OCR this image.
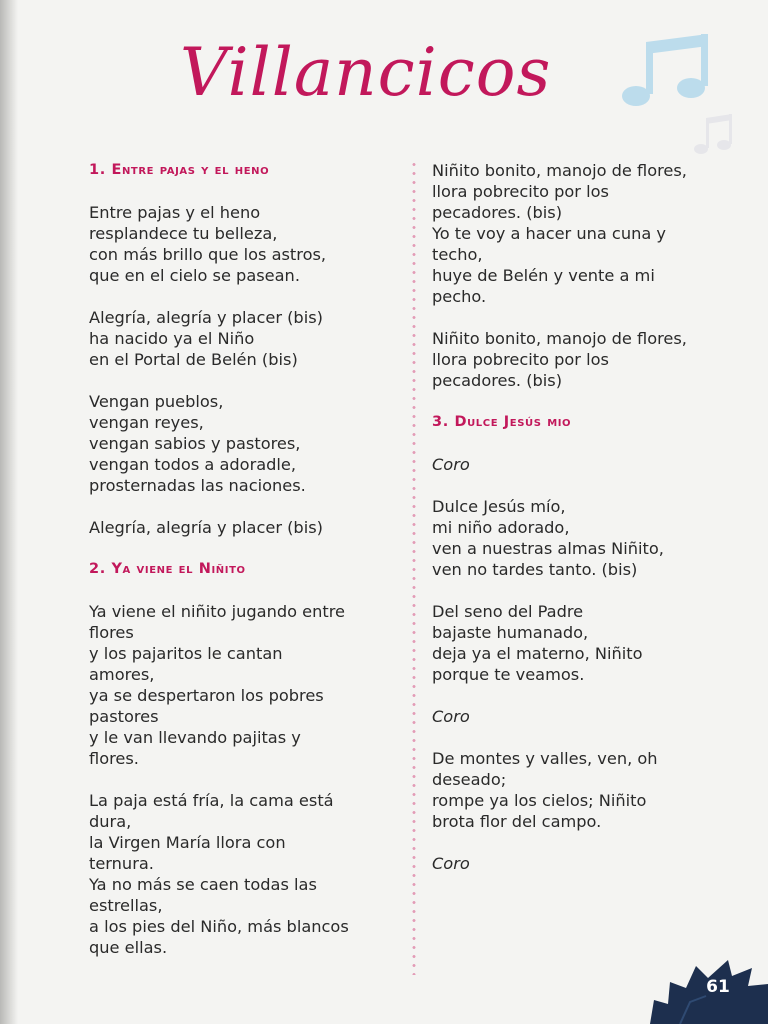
Villancicos

1. Entre pajas y el heno

Entre pajas y el heno
resplandece tu belleza,
con más brillo que los astros,
que en el cielo se pasean.
Alegría, alegría y placer (bis)
ha nacido ya el Niño
en el Portal de Belén (bis)
Vengan pueblos,
vengan reyes,
vengan sabios y pastores,
vengan todos a adoradle,
prosternadas las naciones.
Alegría, alegría y placer (bis)

2. Ya viene el Niñito

Ya viene el niñito jugando entre
flores
y los pajaritos le cantan
amores,
ya se despertaron los pobres
pastores
y le van llevando pajitas y
flores.
La paja está fría, la cama está
dura,
la Virgen María llora con
ternura.
Ya no más se caen todas las
estrellas,
a los pies del Niño, más blancos
que ellas.
Niñito bonito, manojo de flores,
llora pobrecito por los
pecadores. (bis)
Yo te voy a hacer una cuna y
techo,
huye de Belén y vente a mi
pecho.
Niñito bonito, manojo de flores,
llora pobrecito por los
pecadores. (bis)

3. Dulce Jesús mio

Coro

Dulce Jesús mío,
mi niño adorado,
ven a nuestras almas Niñito,
ven no tardes tanto. (bis)
Del seno del Padre
bajaste humanado,
deja ya el materno, Niñito
porque te veamos.

Coro

De montes y valles, ven, oh
deseado;
rompe ya los cielos; Niñito
brota flor del campo.

Coro

61
